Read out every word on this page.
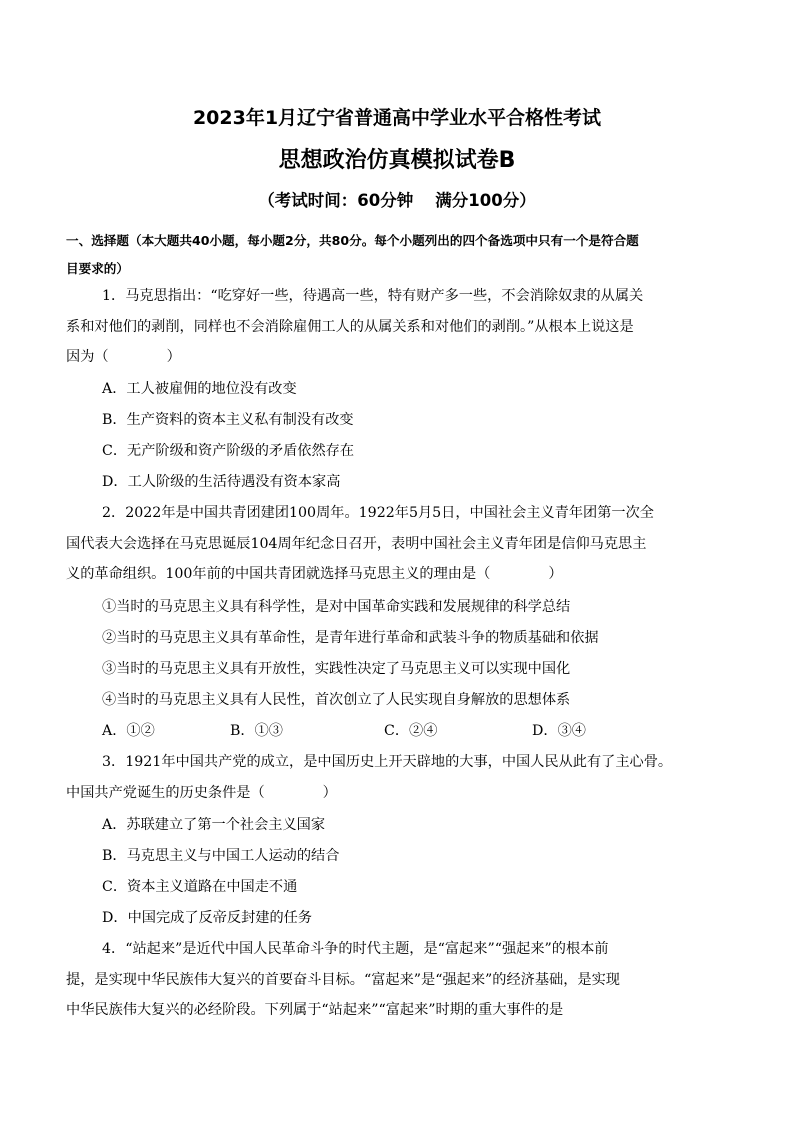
2023年1月辽宁省普通高中学业水平合格性考试
思想政治仿真模拟试卷B
（考试时间：60分钟 满分100分）
一、选择题（本大题共40小题，每小题2分，共80分。每个小题列出的四个备选项中只有一个是符合题
目要求的）
1．马克思指出：“吃穿好一些，待遇高一些，特有财产多一些，不会消除奴隶的从属关
系和对他们的剥削，同样也不会消除雇佣工人的从属关系和对他们的剥削。”从根本上说这是
因为（	）
A．工人被雇佣的地位没有改变
B．生产资料的资本主义私有制没有改变
C．无产阶级和资产阶级的矛盾依然存在
D．工人阶级的生活待遇没有资本家高
2．2022年是中国共青团建团100周年。1922年5月5日，中国社会主义青年团第一次全
国代表大会选择在马克思诞辰104周年纪念日召开，表明中国社会主义青年团是信仰马克思主
义的革命组织。100年前的中国共青团就选择马克思主义的理由是（	）
①当时的马克思主义具有科学性，是对中国革命实践和发展规律的科学总结
②当时的马克思主义具有革命性，是青年进行革命和武装斗争的物质基础和依据
③当时的马克思主义具有开放性，实践性决定了马克思主义可以实现中国化
④当时的马克思主义具有人民性，首次创立了人民实现自身解放的思想体系
A．①②	B．①③	C．②④	D．③④
3．1921年中国共产党的成立，是中国历史上开天辟地的大事，中国人民从此有了主心骨。
中国共产党诞生的历史条件是（	）
A．苏联建立了第一个社会主义国家
B．马克思主义与中国工人运动的结合
C．资本主义道路在中国走不通
D．中国完成了反帝反封建的任务
4．“站起来”是近代中国人民革命斗争的时代主题，是“富起来”“强起来”的根本前
提，是实现中华民族伟大复兴的首要奋斗目标。“富起来”是“强起来”的经济基础，是实现
中华民族伟大复兴的必经阶段。下列属于“站起来”“富起来”时期的重大事件的是
